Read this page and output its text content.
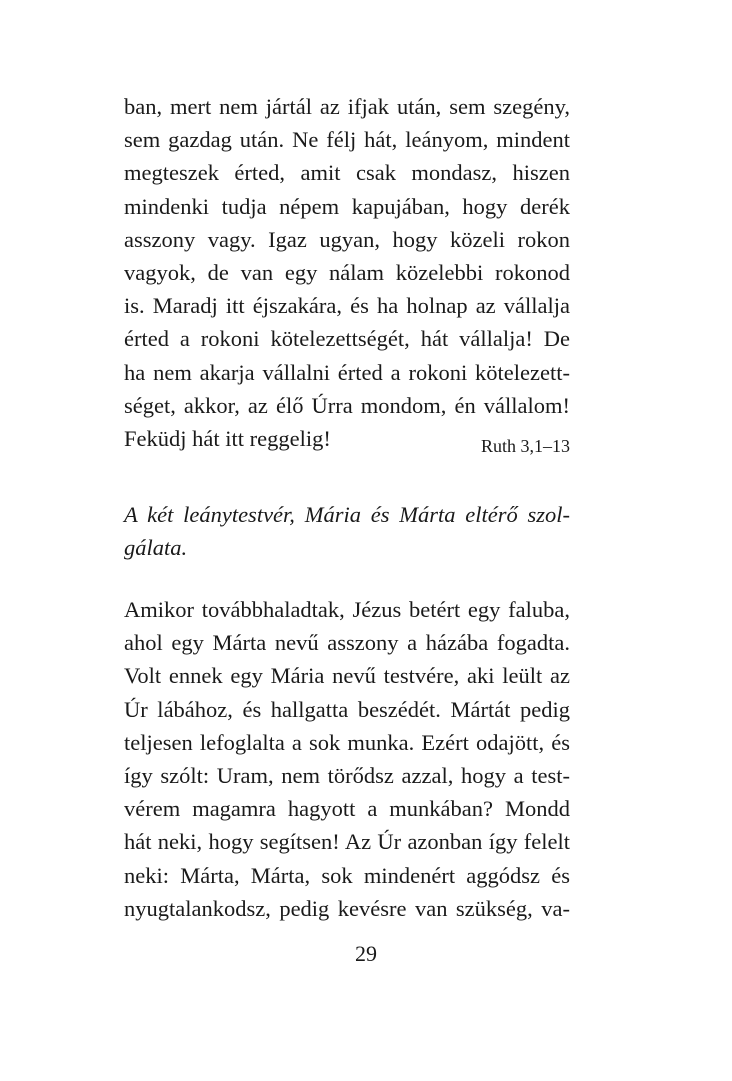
ban, mert nem jártál az ifjak után, sem szegény,
sem gazdag után. Ne félj hát, leányom, mindent
megteszek érted, amit csak mondasz, hiszen
mindenki tudja népem kapujában, hogy derék
asszony vagy. Igaz ugyan, hogy közeli rokon
vagyok, de van egy nálam közelebbi rokonod
is. Maradj itt éjszakára, és ha holnap az vállalja
érted a rokoni kötelezettségét, hát vállalja! De
ha nem akarja vállalni érted a rokoni kötelezett-
séget, akkor, az élő Úrra mondom, én vállalom!
Feküdj hát itt reggelig!	Ruth 3,1–13
A két leánytestvér, Mária és Márta eltérő szol-
gálata.
Amikor továbbhaladtak, Jézus betért egy faluba,
ahol egy Márta nevű asszony a házába fogadta.
Volt ennek egy Mária nevű testvére, aki leült az
Úr lábához, és hallgatta beszédét. Mártát pedig
teljesen lefoglalta a sok munka. Ezért odajött, és
így szólt: Uram, nem törődsz azzal, hogy a test-
vérem magamra hagyott a munkában? Mondd
hát neki, hogy segítsen! Az Úr azonban így felelt
neki: Márta, Márta, sok mindenért aggódsz és
nyugtalankodsz, pedig kevésre van szükség, va-
29
